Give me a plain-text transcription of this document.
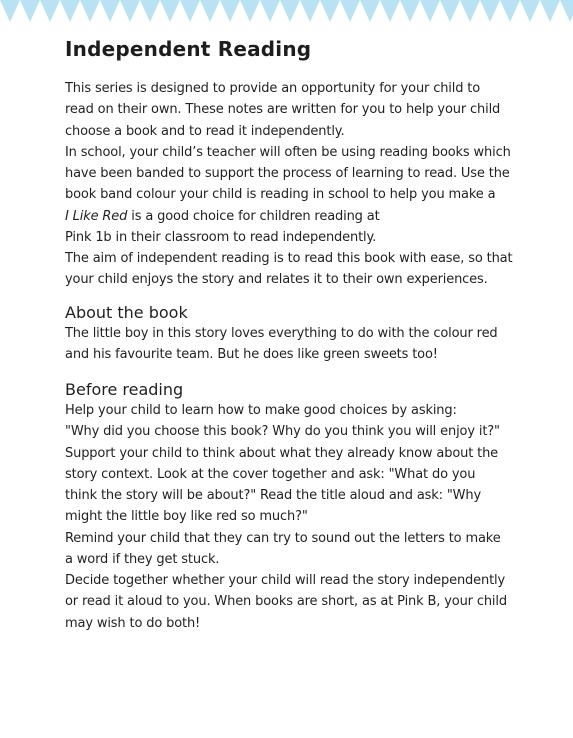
Independent Reading
This series is designed to provide an opportunity for your child to
read on their own. These notes are written for you to help your child
choose a book and to read it independently.
In school, your child’s teacher will often be using reading books which
have been banded to support the process of learning to read. Use the
book band colour your child is reading in school to help you make a
I Like Red is a good choice for children reading at
Pink 1b in their classroom to read independently.
The aim of independent reading is to read this book with ease, so that
your child enjoys the story and relates it to their own experiences.
About the book
The little boy in this story loves everything to do with the colour red
and his favourite team. But he does like green sweets too!
Before reading
Help your child to learn how to make good choices by asking:
"Why did you choose this book? Why do you think you will enjoy it?"
Support your child to think about what they already know about the
story context. Look at the cover together and ask: "What do you
think the story will be about?" Read the title aloud and ask: "Why
might the little boy like red so much?"
Remind your child that they can try to sound out the letters to make
a word if they get stuck.
Decide together whether your child will read the story independently
or read it aloud to you. When books are short, as at Pink B, your child
may wish to do both!
